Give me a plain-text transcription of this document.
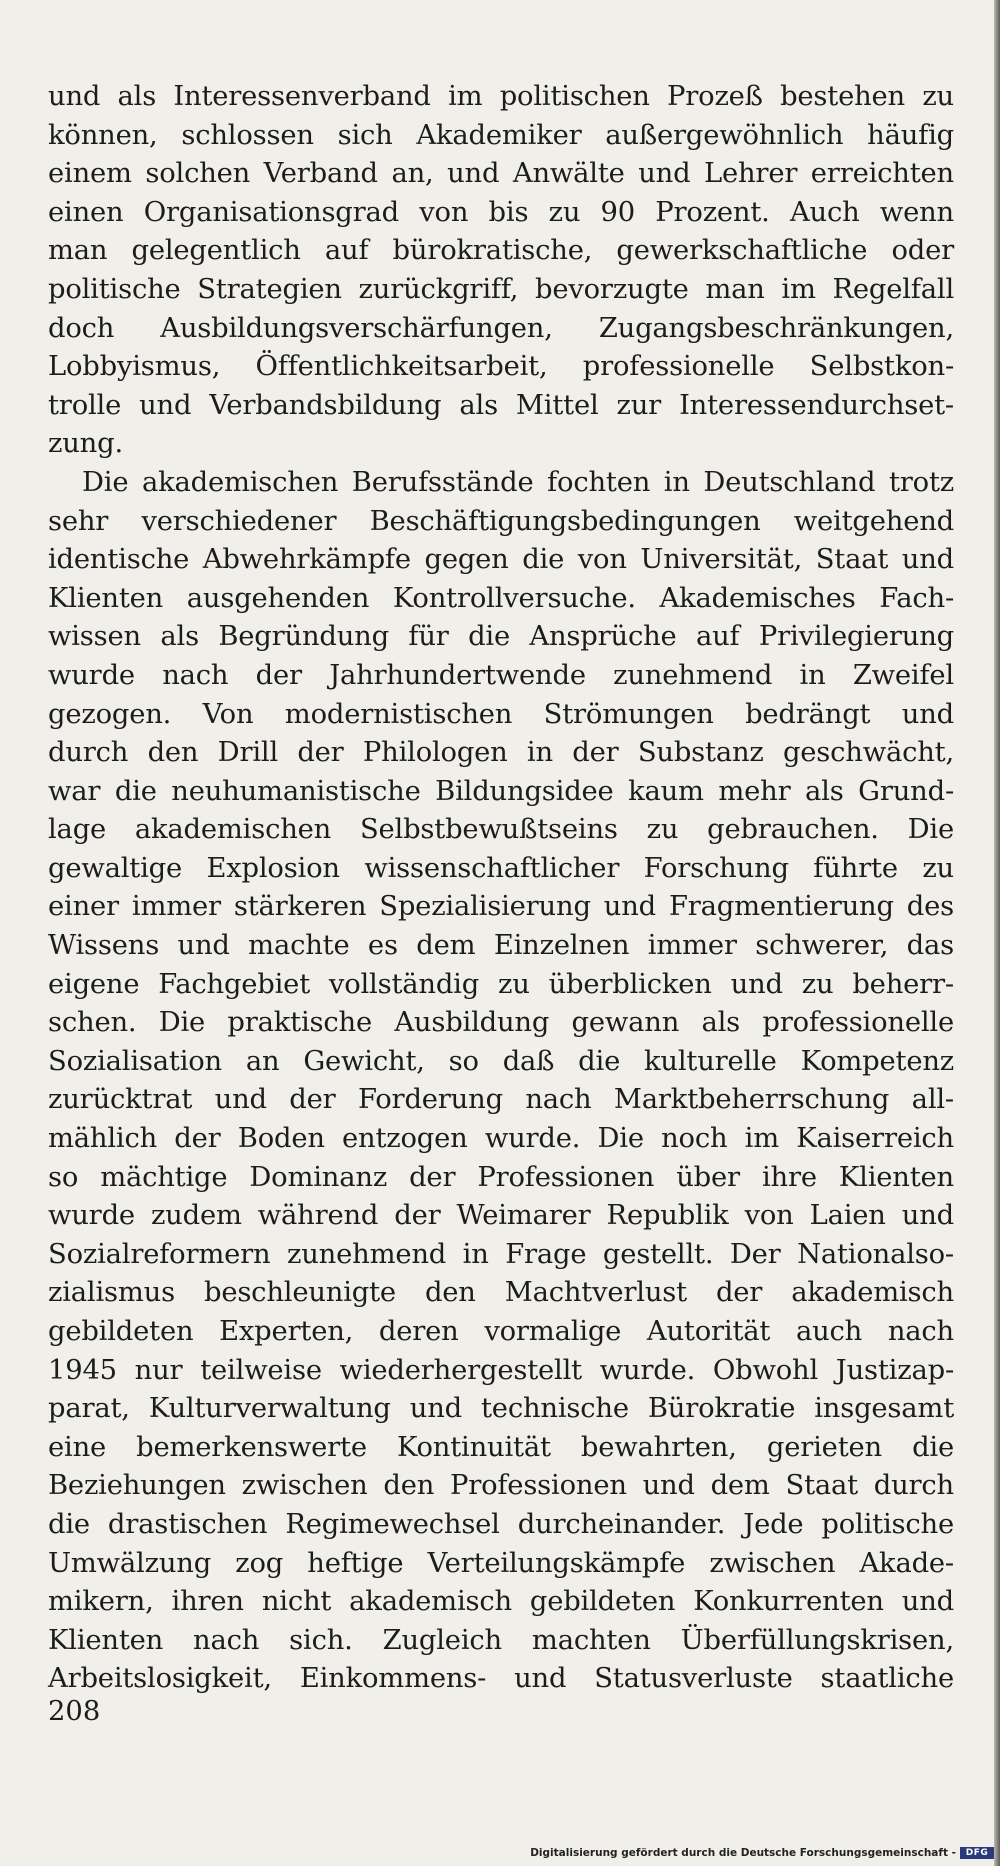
und als Interessenverband im politischen Prozeß bestehen zu
können, schlossen sich Akademiker außergewöhnlich häufig
einem solchen Verband an, und Anwälte und Lehrer erreichten
einen Organisationsgrad von bis zu 90 Prozent. Auch wenn
man gelegentlich auf bürokratische, gewerkschaftliche oder
politische Strategien zurückgriff, bevorzugte man im Regelfall
doch Ausbildungsverschärfungen, Zugangsbeschränkungen,
Lobbyismus, Öffentlichkeitsarbeit, professionelle Selbstkon-
trolle und Verbandsbildung als Mittel zur Interessendurchset-
zung.
Die akademischen Berufsstände fochten in Deutschland trotz
sehr verschiedener Beschäftigungsbedingungen weitgehend
identische Abwehrkämpfe gegen die von Universität, Staat und
Klienten ausgehenden Kontrollversuche. Akademisches Fach-
wissen als Begründung für die Ansprüche auf Privilegierung
wurde nach der Jahrhundertwende zunehmend in Zweifel
gezogen. Von modernistischen Strömungen bedrängt und
durch den Drill der Philologen in der Substanz geschwächt,
war die neuhumanistische Bildungsidee kaum mehr als Grund-
lage akademischen Selbstbewußtseins zu gebrauchen. Die
gewaltige Explosion wissenschaftlicher Forschung führte zu
einer immer stärkeren Spezialisierung und Fragmentierung des
Wissens und machte es dem Einzelnen immer schwerer, das
eigene Fachgebiet vollständig zu überblicken und zu beherr-
schen. Die praktische Ausbildung gewann als professionelle
Sozialisation an Gewicht, so daß die kulturelle Kompetenz
zurücktrat und der Forderung nach Marktbeherrschung all-
mählich der Boden entzogen wurde. Die noch im Kaiserreich
so mächtige Dominanz der Professionen über ihre Klienten
wurde zudem während der Weimarer Republik von Laien und
Sozialreformern zunehmend in Frage gestellt. Der Nationalso-
zialismus beschleunigte den Machtverlust der akademisch
gebildeten Experten, deren vormalige Autorität auch nach
1945 nur teilweise wiederhergestellt wurde. Obwohl Justizap-
parat, Kulturverwaltung und technische Bürokratie insgesamt
eine bemerkenswerte Kontinuität bewahrten, gerieten die
Beziehungen zwischen den Professionen und dem Staat durch
die drastischen Regimewechsel durcheinander. Jede politische
Umwälzung zog heftige Verteilungskämpfe zwischen Akade-
mikern, ihren nicht akademisch gebildeten Konkurrenten und
Klienten nach sich. Zugleich machten Überfüllungskrisen,
Arbeitslosigkeit, Einkommens- und Statusverluste staatliche
208
Digitalisierung gefördert durch die Deutsche Forschungsgemeinschaft -	DFG
